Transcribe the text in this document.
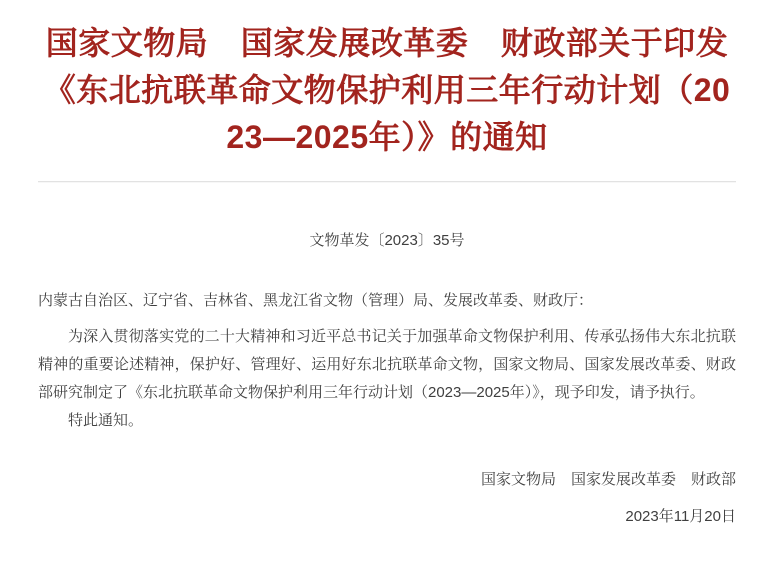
国家文物局　国家发展改革委　财政部关于印发
《东北抗联革命文物保护利用三年行动计划（20
23—2025年）》的通知
文物革发〔2023〕35号

内蒙古自治区、辽宁省、吉林省、黑龙江省文物（管理）局、发展改革委、财政厅：

为深入贯彻落实党的二十大精神和习近平总书记关于加强革命文物保护利用、传承弘扬伟大东北抗联精神的重要论述精神，保护好、管理好、运用好东北抗联革命文物，国家文物局、国家发展改革委、财政部研究制定了《东北抗联革命文物保护利用三年行动计划（2023—2025年）》，现予印发，请予执行。

特此通知。

国家文物局　国家发展改革委　财政部
2023年11月20日
